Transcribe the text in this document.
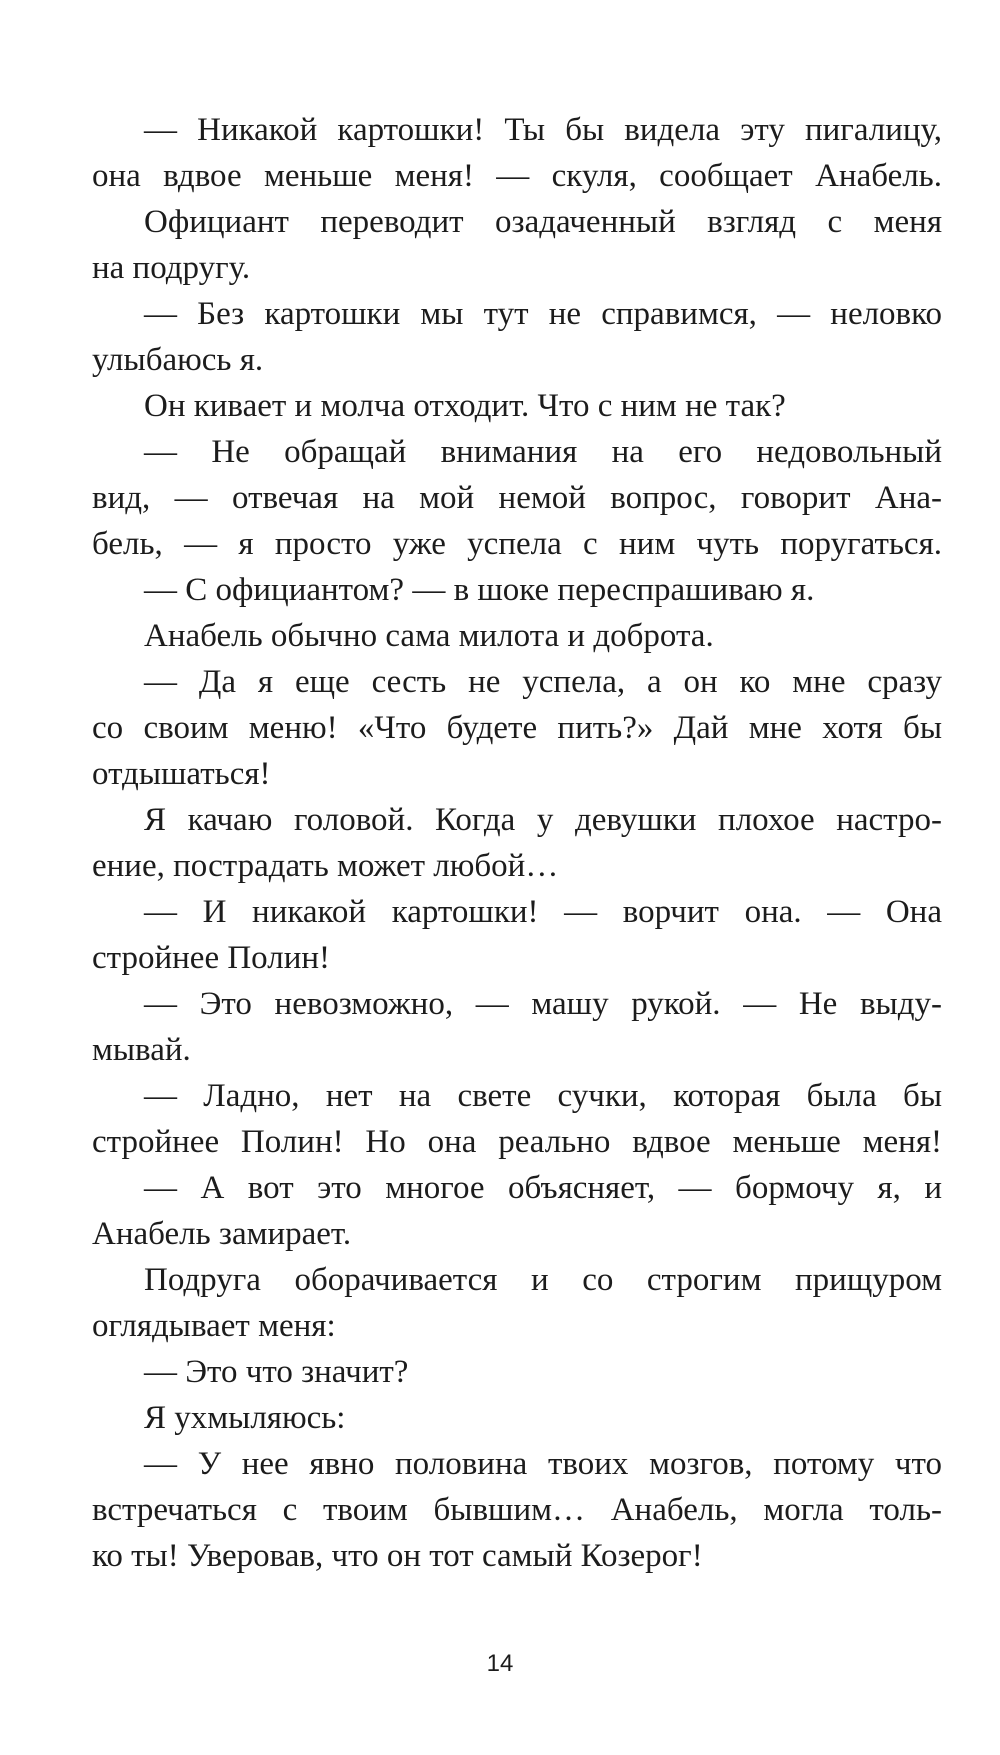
— Никакой картошки! Ты бы видела эту пигалицу,
она вдвое меньше меня! — скуля, сообщает Анабель.
Официант переводит озадаченный взгляд с меня
на подругу.
— Без картошки мы тут не справимся, — неловко
улыбаюсь я.
Он кивает и молча отходит. Что с ним не так?
— Не обращай внимания на его недовольный
вид, — отвечая на мой немой вопрос, говорит Ана-
бель, — я просто уже успела с ним чуть поругаться.
— С официантом? — в шоке переспрашиваю я.
Анабель обычно сама милота и доброта.
— Да я еще сесть не успела, а он ко мне сразу
со своим меню! «Что будете пить?» Дай мне хотя бы
отдышаться!
Я качаю головой. Когда у девушки плохое настро-
ение, пострадать может любой…
— И никакой картошки! — ворчит она. — Она
стройнее Полин!
— Это невозможно, — машу рукой. — Не выду-
мывай.
— Ладно, нет на свете сучки, которая была бы
стройнее Полин! Но она реально вдвое меньше меня!
— А вот это многое объясняет, — бормочу я, и
Анабель замирает.
Подруга оборачивается и со строгим прищуром
оглядывает меня:
— Это что значит?
Я ухмыляюсь:
— У нее явно половина твоих мозгов, потому что
встречаться с твоим бывшим… Анабель, могла толь-
ко ты! Уверовав, что он тот самый Козерог!
14
